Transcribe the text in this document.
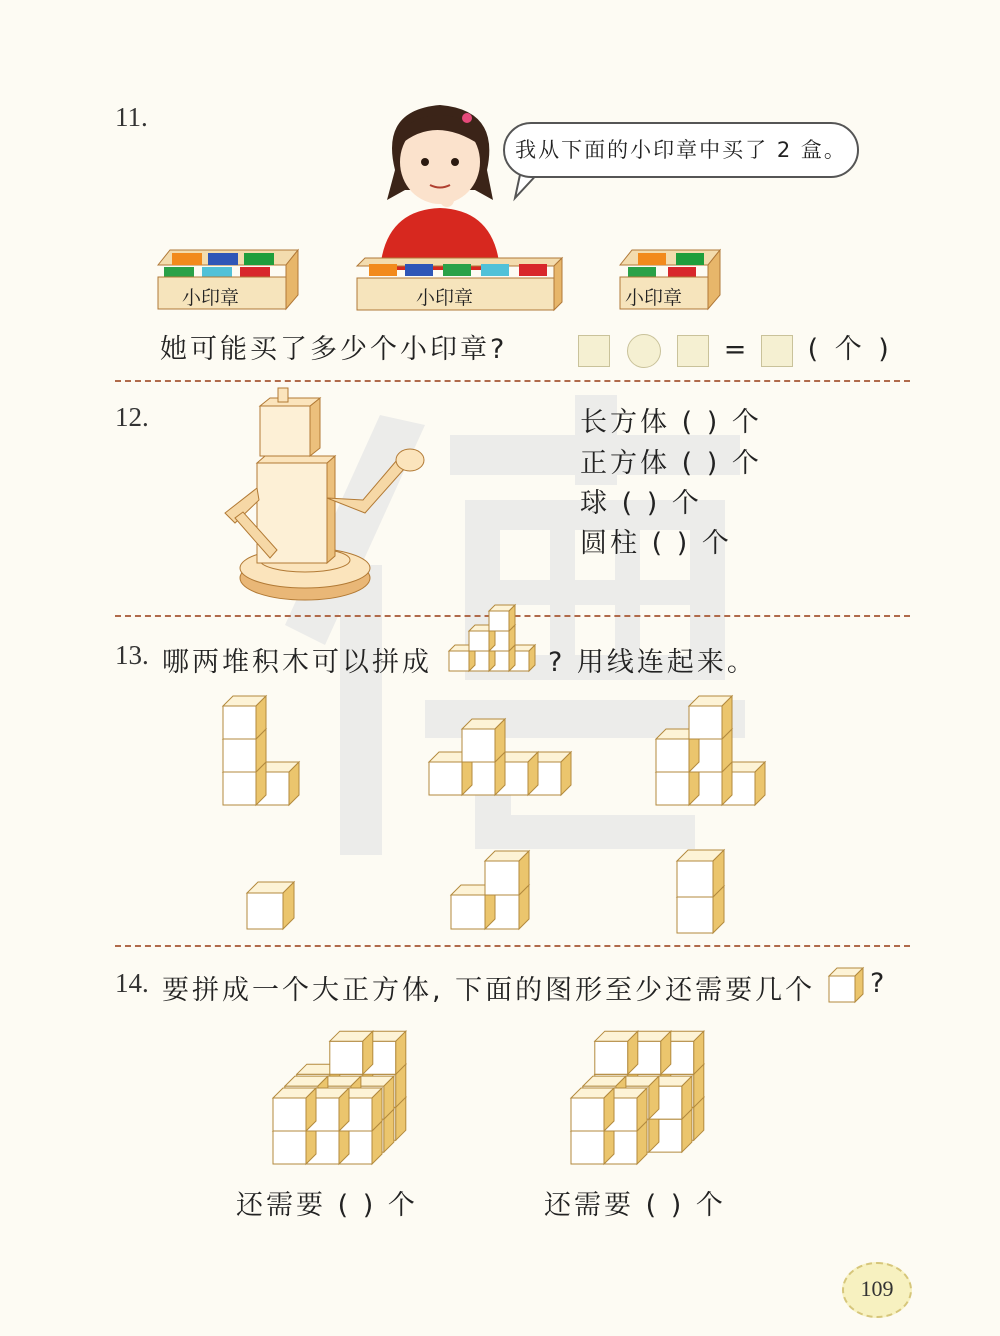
11.
我从下面的小印章中买了 2 盒。
小印章	小印章	小印章
她可能买了多少个小印章?	= ( 个 )
12.	长方体 ( ) 个
正方体 ( ) 个
球 ( ) 个
圆柱 ( ) 个
13. 哪两堆积木可以拼成	? 用线连起来。
14. 要拼成一个大正方体, 下面的图形至少还需要几个 ?
还需要 ( ) 个	还需要 ( ) 个
109
